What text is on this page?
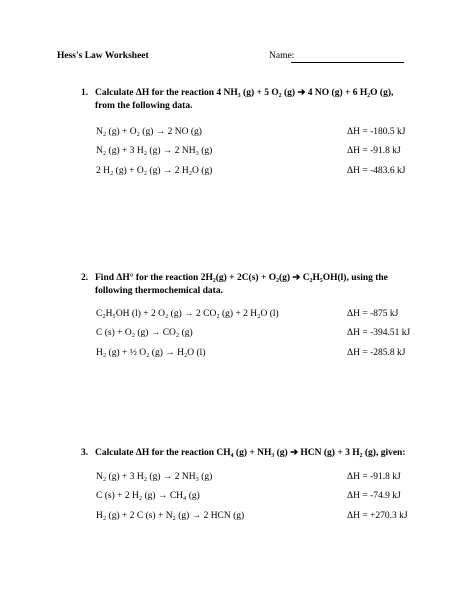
Hess's Law Worksheet	Name:
1. Calculate ΔH for the reaction 4 NH₃ (g) + 5 O₂ (g) ➔ 4 NO (g) + 6 H₂O (g),
from the following data.
N₂ (g) + O₂ (g) → 2 NO (g)	ΔH = -180.5 kJ
N₂ (g) + 3 H₂ (g) → 2 NH₃ (g)	ΔH = -91.8 kJ
2 H₂ (g) + O₂ (g) → 2 H₂O (g)	ΔH = -483.6 kJ
2. Find ΔH° for the reaction 2H₂(g) + 2C(s) + O₂(g) ➔ C₂H₅OH(l), using the
following thermochemical data.
C₂H₅OH (l) + 2 O₂ (g) → 2 CO₂ (g) + 2 H₂O (l)	ΔH = -875 kJ
C (s) + O₂ (g) → CO₂ (g)	ΔH = -394.51 kJ
H₂ (g) + ½ O₂ (g) → H₂O (l)	ΔH = -285.8 kJ
3. Calculate ΔH for the reaction CH₄ (g) + NH₃ (g) ➔ HCN (g) + 3 H₂ (g), given:
N₂ (g) + 3 H₂ (g) → 2 NH₃ (g)	ΔH = -91.8 kJ
C (s) + 2 H₂ (g) → CH₄ (g)	ΔH = -74.9 kJ
H₂ (g) + 2 C (s) + N₂ (g) → 2 HCN (g)	ΔH = +270.3 kJ
